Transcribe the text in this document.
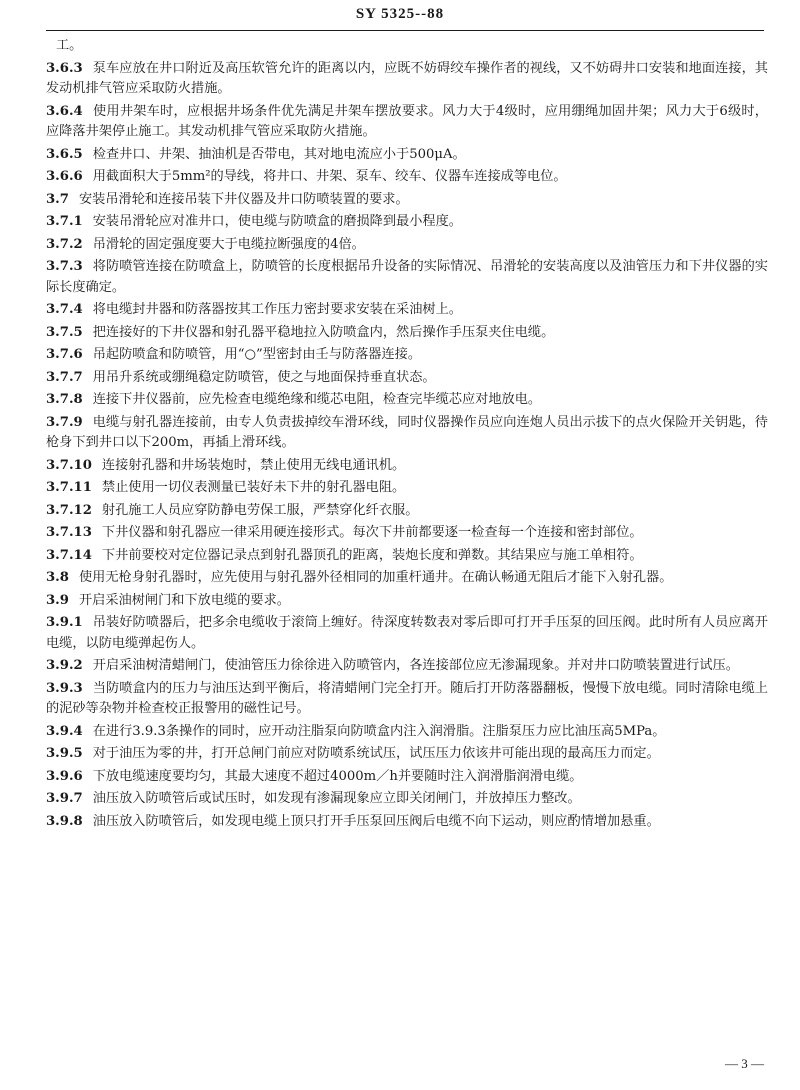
SY 5325--88

工。

3.6.3 泵车应放在井口附近及高压软管允许的距离以内，应既不妨碍绞车操作者的视线，又不妨碍井口安装和地面连接，其发动机排气管应采取防火措施。

3.6.4 使用井架车时，应根据井场条件优先满足井架车摆放要求。风力大于4级时，应用绷绳加固井架；风力大于6级时，应降落井架停止施工。其发动机排气管应采取防火措施。

3.6.5 检查井口、井架、抽油机是否带电，其对地电流应小于500μA。

3.6.6 用截面积大于5mm²的导线，将井口、井架、泵车、绞车、仪器车连接成等电位。

3.7 安装吊滑轮和连接吊装下井仪器及井口防喷装置的要求。

3.7.1 安装吊滑轮应对准井口，使电缆与防喷盒的磨损降到最小程度。

3.7.2 吊滑轮的固定强度要大于电缆拉断强度的4倍。

3.7.3 将防喷管连接在防喷盒上，防喷管的长度根据吊升设备的实际情况、吊滑轮的安装高度以及油管压力和下井仪器的实际长度确定。

3.7.4 将电缆封井器和防落器按其工作压力密封要求安装在采油树上。

3.7.5 把连接好的下井仪器和射孔器平稳地拉入防喷盒内，然后操作手压泵夹住电缆。

3.7.6 吊起防喷盒和防喷管，用“○”型密封由壬与防落器连接。

3.7.7 用吊升系统或绷绳稳定防喷管，使之与地面保持垂直状态。

3.7.8 连接下井仪器前，应先检查电缆绝缘和缆芯电阻，检查完毕缆芯应对地放电。

3.7.9 电缆与射孔器连接前，由专人负责拔掉绞车滑环线，同时仪器操作员应向连炮人员出示拔下的点火保险开关钥匙，待枪身下到井口以下200m，再插上滑环线。

3.7.10 连接射孔器和井场装炮时，禁止使用无线电通讯机。

3.7.11 禁止使用一切仪表测量已装好未下井的射孔器电阻。

3.7.12 射孔施工人员应穿防静电劳保工服，严禁穿化纤衣服。

3.7.13 下井仪器和射孔器应一律采用硬连接形式。每次下井前都要逐一检查每一个连接和密封部位。

3.7.14 下井前要校对定位器记录点到射孔器顶孔的距离，装炮长度和弹数。其结果应与施工单相符。

3.8 使用无枪身射孔器时，应先使用与射孔器外径相同的加重杆通井。在确认畅通无阻后才能下入射孔器。

3.9 开启采油树闸门和下放电缆的要求。

3.9.1 吊装好防喷器后，把多余电缆收于滚筒上缠好。待深度转数表对零后即可打开手压泵的回压阀。此时所有人员应离开电缆，以防电缆弹起伤人。

3.9.2 开启采油树清蜡闸门，使油管压力徐徐进入防喷管内，各连接部位应无渗漏现象。并对井口防喷装置进行试压。

3.9.3 当防喷盒内的压力与油压达到平衡后，将清蜡闸门完全打开。随后打开防落器翻板，慢慢下放电缆。同时清除电缆上的泥砂等杂物并检查校正报警用的磁性记号。

3.9.4 在进行3.9.3条操作的同时，应开动注脂泵向防喷盒内注入润滑脂。注脂泵压力应比油压高5MPa。

3.9.5 对于油压为零的井，打开总闸门前应对防喷系统试压，试压压力依该井可能出现的最高压力而定。

3.9.6 下放电缆速度要均匀，其最大速度不超过4000m／h并要随时注入润滑脂润滑电缆。

3.9.7 油压放入防喷管后或试压时，如发现有渗漏现象应立即关闭闸门，并放掉压力整改。

3.9.8 油压放入防喷管后，如发现电缆上顶只打开手压泵回压阀后电缆不向下运动，则应酌情增加悬重。

— 3 —
